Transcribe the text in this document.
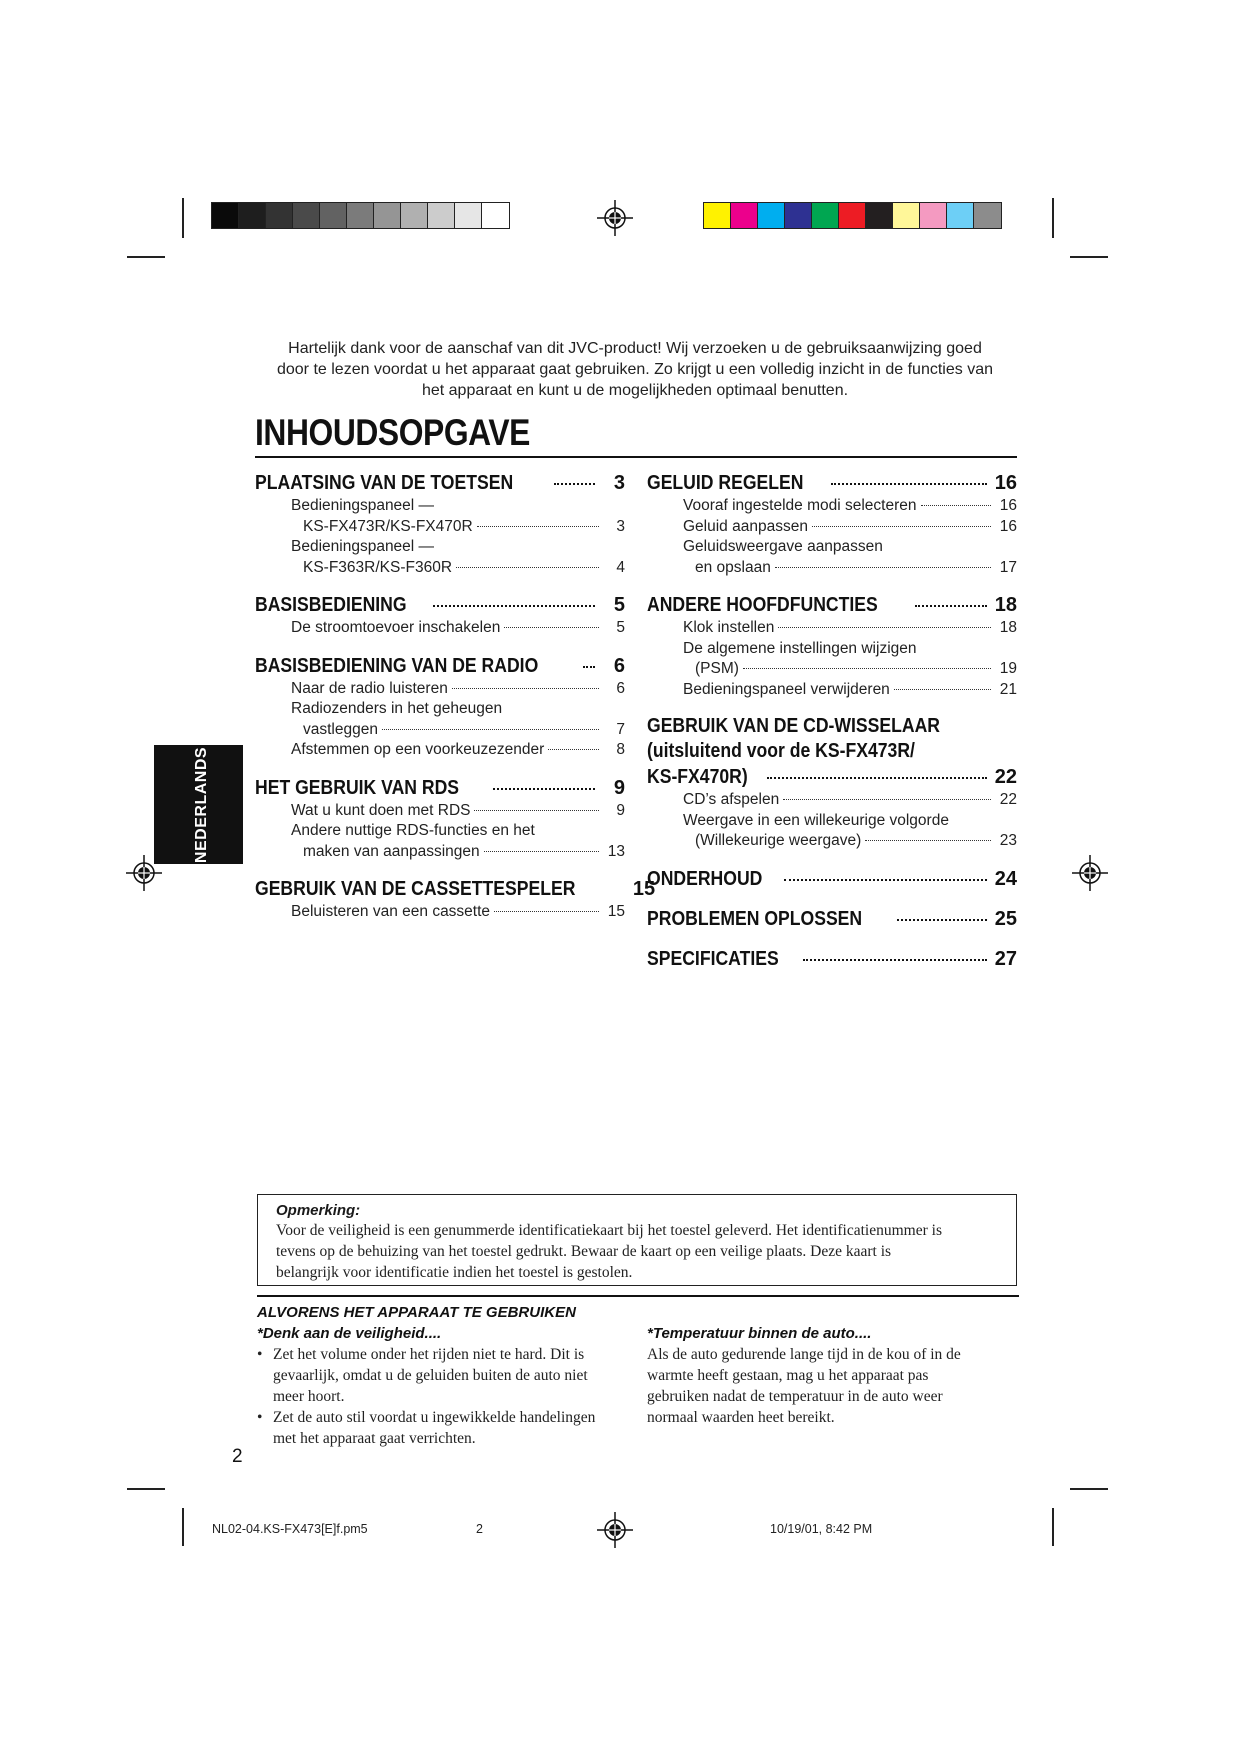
Hartelijk dank voor de aanschaf van dit JVC-product! Wij verzoeken u de gebruiksaanwijzing goed
door te lezen voordat u het apparaat gaat gebruiken. Zo krijgt u een volledig inzicht in de functies van
het apparaat en kunt u de mogelijkheden optimaal benutten.
INHOUDSOPGAVE
NEDERLANDS
PLAATSING VAN DE TOETSEN	3
Bedieningspaneel —
KS-FX473R/KS-FX470R	3
Bedieningspaneel —
KS-F363R/KS-F360R	4
BASISBEDIENING	5
De stroomtoevoer inschakelen	5
BASISBEDIENING VAN DE RADIO	6
Naar de radio luisteren	6
Radiozenders in het geheugen
vastleggen	7
Afstemmen op een voorkeuzezender	8
HET GEBRUIK VAN RDS	9
Wat u kunt doen met RDS	9
Andere nuttige RDS-functies en het
maken van aanpassingen	13
GEBRUIK VAN DE CASSETTESPELER	15
Beluisteren van een cassette	15
GELUID REGELEN	16
Vooraf ingestelde modi selecteren	16
Geluid aanpassen	16
Geluidsweergave aanpassen
en opslaan	17
ANDERE HOOFDFUNCTIES	18
Klok instellen	18
De algemene instellingen wijzigen
(PSM)	19
Bedieningspaneel verwijderen	21
GEBRUIK VAN DE CD-WISSELAAR
(uitsluitend voor de KS-FX473R/
KS-FX470R)	22
CD’s afspelen	22
Weergave in een willekeurige volgorde
(Willekeurige weergave)	23
ONDERHOUD	24
PROBLEMEN OPLOSSEN	25
SPECIFICATIES	27
Opmerking:
Voor de veiligheid is een genummerde identificatiekaart bij het toestel geleverd. Het identificatienummer is
tevens op de behuizing van het toestel gedrukt. Bewaar de kaart op een veilige plaats. Deze kaart is
belangrijk voor identificatie indien het toestel is gestolen.
ALVORENS HET APPARAAT TE GEBRUIKEN
*Denk aan de veiligheid....
• Zet het volume onder het rijden niet te hard. Dit is
gevaarlijk, omdat u de geluiden buiten de auto niet
meer hoort.
• Zet de auto stil voordat u ingewikkelde handelingen
met het apparaat gaat verrichten.
*Temperatuur binnen de auto....
Als de auto gedurende lange tijd in de kou of in de
warmte heeft gestaan, mag u het apparaat pas
gebruiken nadat de temperatuur in de auto weer
normaal waarden heet bereikt.
2
NL02-04.KS-FX473[E]f.pm5	2	10/19/01, 8:42 PM
